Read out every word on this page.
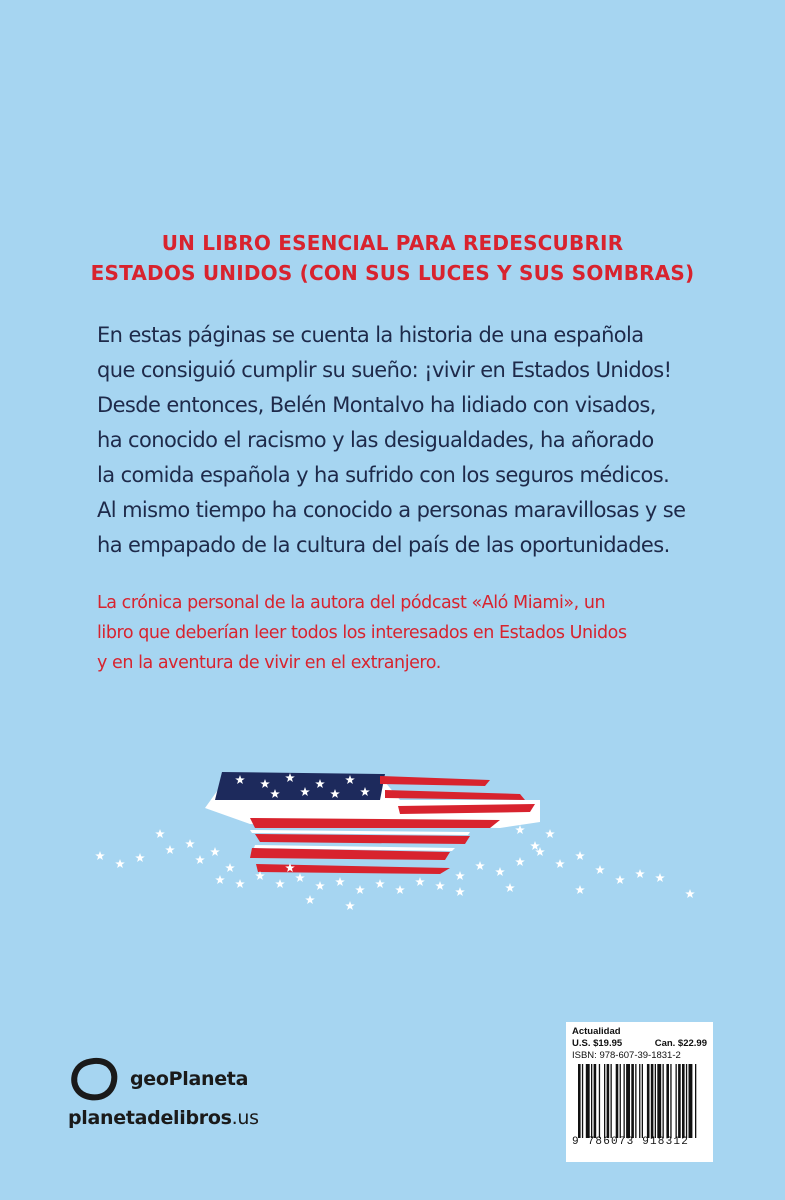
UN LIBRO ESENCIAL PARA REDESCUBRIR
ESTADOS UNIDOS (CON SUS LUCES Y SUS SOMBRAS)
En estas páginas se cuenta la historia de una española
que consiguió cumplir su sueño: ¡vivir en Estados Unidos!
Desde entonces, Belén Montalvo ha lidiado con visados,
ha conocido el racismo y las desigualdades, ha añorado
la comida española y ha sufrido con los seguros médicos.
Al mismo tiempo ha conocido a personas maravillosas y se
ha empapado de la cultura del país de las oportunidades.
La crónica personal de la autora del pódcast «Aló Miami», un
libro que deberían leer todos los interesados en Estados Unidos
y en la aventura de vivir en el extranjero.
geoPlaneta
planetadelibros.us
Actualidad
U.S. $19.95	Can. $22.99
ISBN: 978-607-39-1831-2
9 786073 918312
